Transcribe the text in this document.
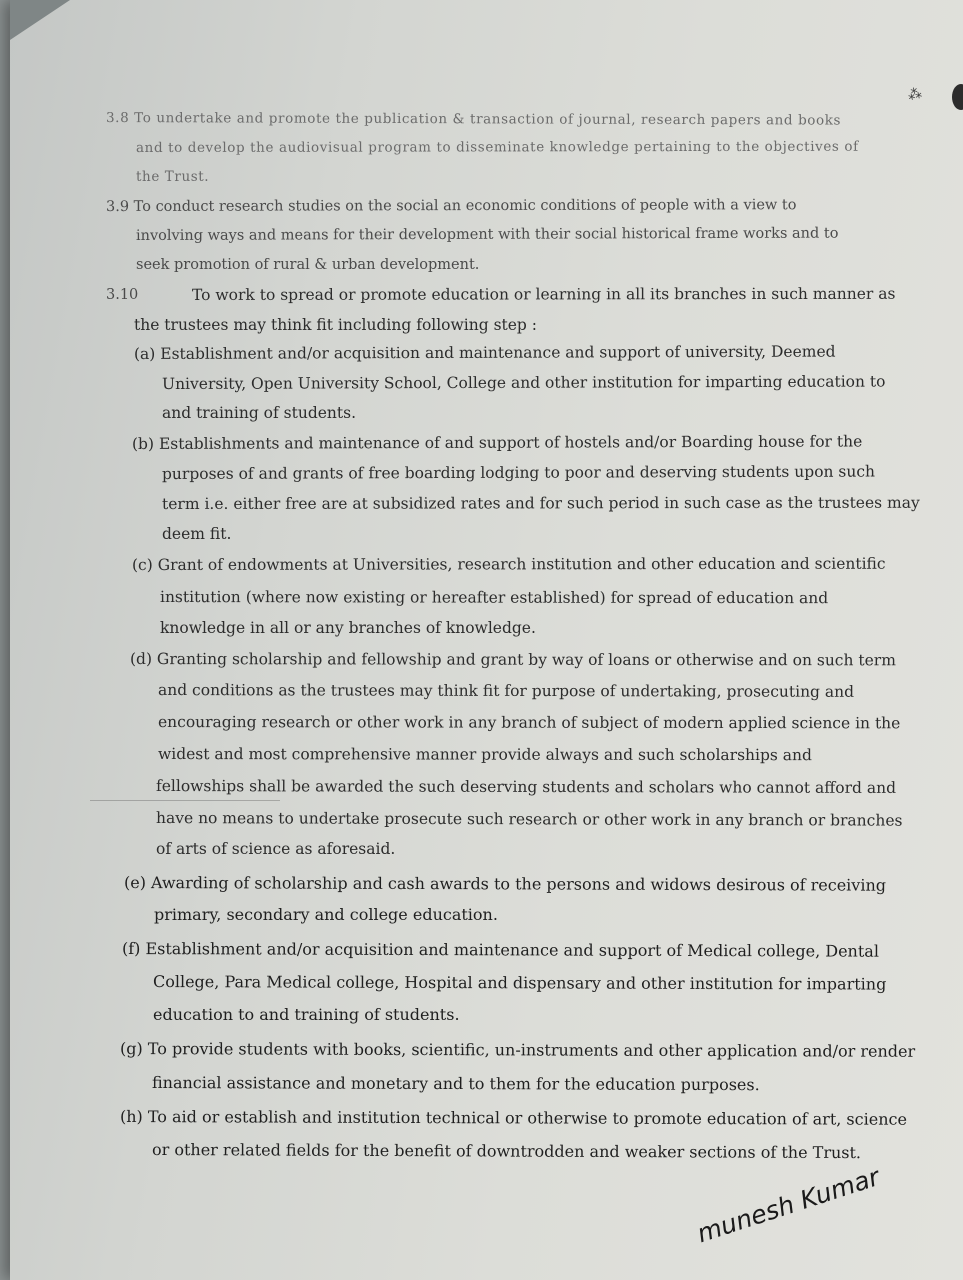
⁂
3.8 To undertake and promote the publication & transaction of journal, research papers and books
and to develop the audiovisual program to disseminate knowledge pertaining to the objectives of
the Trust.
3.9 To conduct research studies on the social an economic conditions of people with a view to
involving ways and means for their development with their social historical frame works and to
seek promotion of rural & urban development.
3.10	To work to spread or promote education or learning in all its branches in such manner as
the trustees may think fit including following step :
(a) Establishment and/or acquisition and maintenance and support of university, Deemed
University, Open University School, College and other institution for imparting education to
and training of students.
(b) Establishments and maintenance of and support of hostels and/or Boarding house for the
purposes of and grants of free boarding lodging to poor and deserving students upon such
term i.e. either free are at subsidized rates and for such period in such case as the trustees may
deem fit.
(c) Grant of endowments at Universities, research institution and other education and scientific
institution (where now existing or hereafter established) for spread of education and
knowledge in all or any branches of knowledge.
(d) Granting scholarship and fellowship and grant by way of loans or otherwise and on such term
and conditions as the trustees may think fit for purpose of undertaking, prosecuting and
encouraging research or other work in any branch of subject of modern applied science in the
widest and most comprehensive manner provide always and such scholarships and
fellowships shall be awarded the such deserving students and scholars who cannot afford and
have no means to undertake prosecute such research or other work in any branch or branches
of arts of science as aforesaid.
(e) Awarding of scholarship and cash awards to the persons and widows desirous of receiving
primary, secondary and college education.
(f) Establishment and/or acquisition and maintenance and support of Medical college, Dental
College, Para Medical college, Hospital and dispensary and other institution for imparting
education to and training of students.
(g) To provide students with books, scientific, un-instruments and other application and/or render
financial assistance and monetary and to them for the education purposes.
(h) To aid or establish and institution technical or otherwise to promote education of art, science
or other related fields for the benefit of downtrodden and weaker sections of the Trust.
munesh Kumar
